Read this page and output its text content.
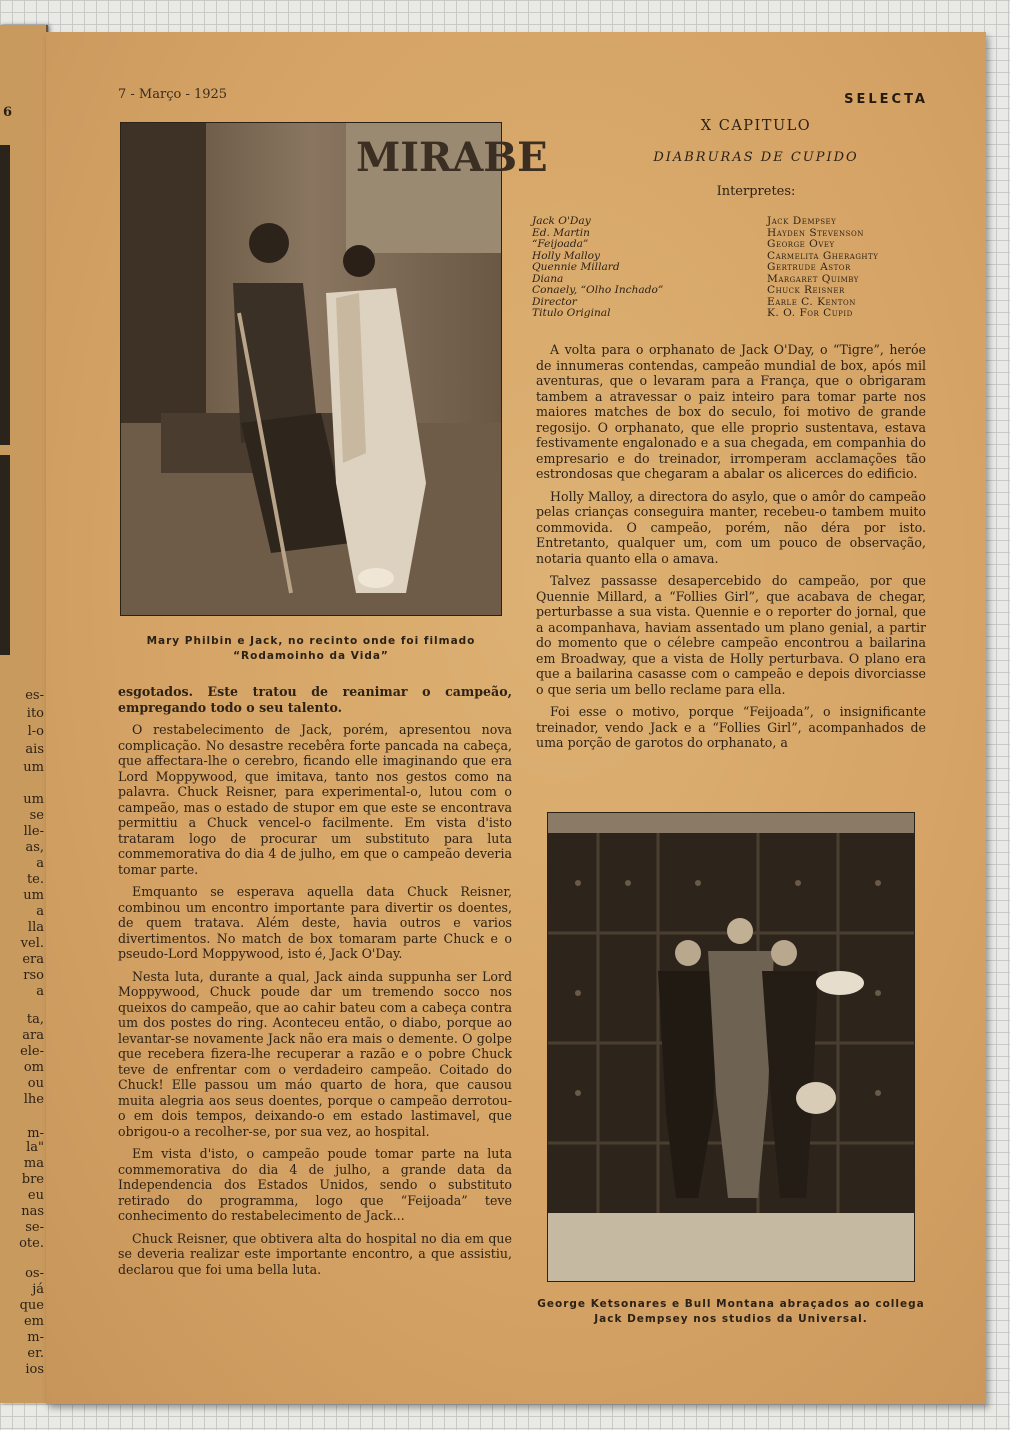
6
es-
ito
l-o
ais
um
um
se
lle-
as,
a
te.
um
a
lla
vel.
era
rso
a
ta,
ara
ele-
om
ou
lhe
m-
la"
ma
bre
eu
nas
se-
ote.
os-
já
que
em
m-
er.
ios
7 - Março - 1925	SELECTA
MIRABE
Mary Philbin e Jack, no recinto onde foi filmado
“Rodamoinho da Vida”
X CAPITULO
DIABRURAS DE CUPIDO
Interpretes:
Jack O'Day	Jack Dempsey
Ed. Martin	Hayden Stevenson
“Feijoada”	George Ovey
Holly Malloy	Carmelita Gheraghty
Quennie Millard	Gertrude Astor
Diana	Margaret Quimby
Conaely, “Olho Inchado”	Chuck Reisner
Director	Earle C. Kenton
Titulo Original	K. O. For Cupid

A volta para o orphanato de Jack O'Day, o “Tigre”, heróe de innumeras contendas, campeão mundial de box, após mil aventuras, que o levaram para a França, que o obrigaram tambem a atravessar o paiz inteiro para tomar parte nos maiores matches de box do seculo, foi motivo de grande regosijo. O orphanato, que elle proprio sustentava, estava festivamente engalonado e a sua chegada, em companhia do empresario e do treinador, irromperam acclamações tão estrondosas que chegaram a abalar os alicerces do edificio.

Holly Malloy, a directora do asylo, que o amôr do campeão pelas crianças conseguira manter, recebeu-o tambem muito commovida. O campeão, porém, não déra por isto. Entretanto, qualquer um, com um pouco de observação, notaria quanto ella o amava.

Talvez passasse desapercebido do campeão, por que Quennie Millard, a “Follies Girl”, que acabava de chegar, perturbasse a sua vista. Quennie e o reporter do jornal, que a acompanhava, haviam assentado um plano genial, a partir do momento que o célebre campeão encontrou a bailarina em Broadway, que a vista de Holly perturbava. O plano era que a bailarina casasse com o campeão e depois divorciasse o que seria um bello reclame para ella.

Foi esse o motivo, porque “Feijoada”, o insignificante treinador, vendo Jack e a “Follies Girl”, acompanhados de uma porção de garotos do orphanato, a

esgotados. Este tratou de reanimar o campeão, empregando todo o seu talento.

O restabelecimento de Jack, porém, apresentou nova complicação. No desastre recebêra forte pancada na cabeça, que affectara-lhe o cerebro, ficando elle imaginando que era Lord Moppywood, que imitava, tanto nos gestos como na palavra. Chuck Reisner, para experimental-o, lutou com o campeão, mas o estado de stupor em que este se encontrava permittiu a Chuck vencel-o facilmente. Em vista d'isto trataram logo de procurar um substituto para luta commemorativa do dia 4 de julho, em que o campeão deveria tomar parte.

Emquanto se esperava aquella data Chuck Reisner, combinou um encontro importante para divertir os doentes, de quem tratava. Além deste, havia outros e varios divertimentos. No match de box tomaram parte Chuck e o pseudo-Lord Moppywood, isto é, Jack O'Day.

Nesta luta, durante a qual, Jack ainda suppunha ser Lord Moppywood, Chuck poude dar um tremendo socco nos queixos do campeão, que ao cahir bateu com a cabeça contra um dos postes do ring. Aconteceu então, o diabo, porque ao levantar-se novamente Jack não era mais o demente. O golpe que recebera fizera-lhe recuperar a razão e o pobre Chuck teve de enfrentar com o verdadeiro campeão. Coitado do Chuck! Elle passou um máo quarto de hora, que causou muita alegria aos seus doentes, porque o campeão derrotou-o em dois tempos, deixando-o em estado lastimavel, que obrigou-o a recolher-se, por sua vez, ao hospital.

Em vista d'isto, o campeão poude tomar parte na luta commemorativa do dia 4 de julho, a grande data da Independencia dos Estados Unidos, sendo o substituto retirado do programma, logo que “Feijoada” teve conhecimento do restabelecimento de Jack...

Chuck Reisner, que obtivera alta do hospital no dia em que se deveria realizar este importante encontro, a que assistiu, declarou que foi uma bella luta.

George Ketsonares e Bull Montana abraçados ao collega
Jack Dempsey nos studios da Universal.
